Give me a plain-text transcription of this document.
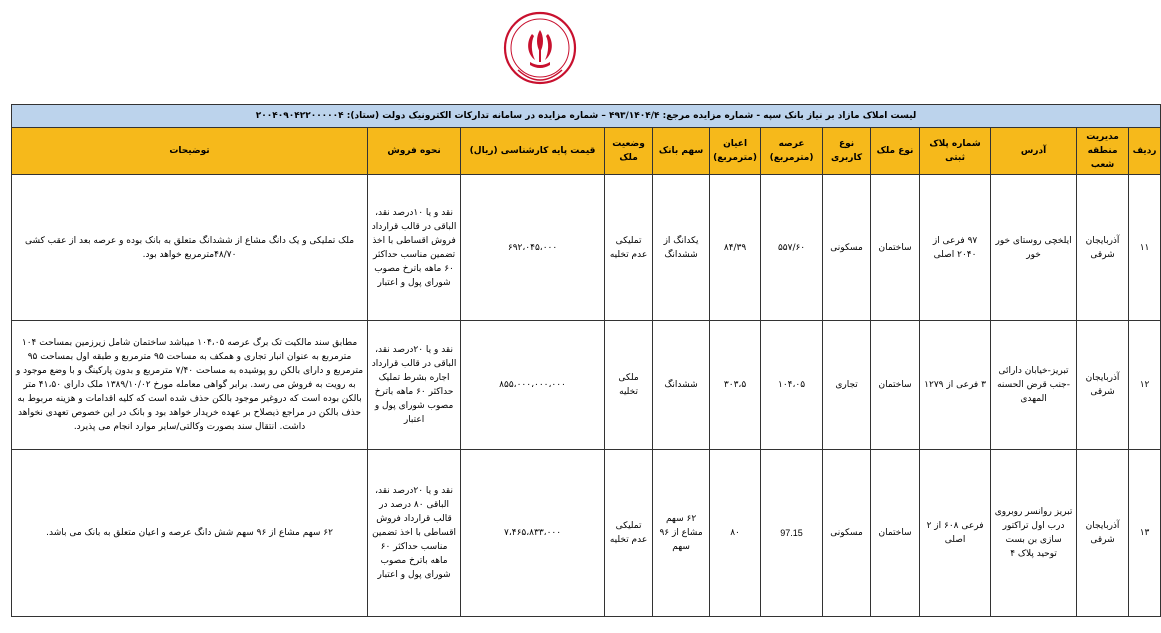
لیست املاک مازاد بر نیاز بانک سپه - شماره مزایده مرجع: ۴۹۳/۱۴۰۴/۴ – شماره مزایده در سامانه تدارکات الکترونیک دولت (ستاد): ۲۰۰۴۰۹۰۴۲۲۰۰۰۰۰۴												
ردیف	مدیریت منطقه شعب	آدرس	شماره پلاک ثبتی	نوع ملک	نوع کاربری	عرصه (مترمربع)	اعیان (مترمربع)	سهم بانک	وضعیت ملک	قیمت پایه کارشناسی (ریال)	نحوه فروش	توضیحات
۱۱	آذربایجان شرقی	ایلخچی روستای خور خور	۹۷ فرعی از ۲۰۴۰ اصلی	ساختمان	مسکونی	۵۵۷/۶۰	۸۴/۳۹	یکدانگ از ششدانگ	تملیکی عدم تخلیه	۶۹۲،۰۴۵،۰۰۰	نقد و یا ۱۰درصد نقد، الباقی در قالب قرارداد فروش اقساطی با اخذ تضمین مناسب حداکثر ۶۰ ماهه باترخ مصوب شورای پول و اعتبار	ملک تملیکی و یک دانگ مشاع از ششدانگ متعلق به بانک بوده و عرصه بعد از عقب کشی ۴۸/۷۰مترمربع خواهد بود.
۱۲	آذربایجان شرقی	تبریز-خیابان دارائی -جنب قرض الحسنه المهدی	۳ فرعی از ۱۲۷۹	ساختمان	تجاری	۱۰۴،۰۵	۳۰۳،۵	ششدانگ	ملکی تخلیه	۸۵۵،۰۰۰،۰۰۰،۰۰۰	نقد و یا ۲۰درصد نقد، الباقی در قالب قرارداد اجاره بشرط تملیک حداکثر ۶۰ ماهه باترخ مصوب شورای پول و اعتبار	مطابق سند مالکیت تک برگ عرصه ۱۰۴،۰۵ میباشد ساختمان شامل زیرزمین بمساحت ۱۰۴ مترمربع به عنوان انبار تجاری و همکف به مساحت ۹۵ مترمربع و طبقه اول بمساحت ۹۵ مترمربع و دارای بالکن رو پوشیده به مساحت ۷/۴۰ مترمربع و بدون پارکینگ و با وضع موجود و به رویت به فروش می رسد. برابر گواهی معامله مورخ ۱۳۸۹/۱۰/۰۲ ملک دارای ۴۱،۵۰ متر بالکن بوده است که دروغیر موجود بالکن حذف شده است که کلیه اقدامات و هزینه مربوط به حذف بالکن در مراجع ذیصلاح بر عهده خریدار خواهد بود و بانک در این خصوص تعهدی نخواهد داشت. انتقال سند بصورت وکالتی/سایر موارد انجام می پذیرد.
۱۳	آذربایجان شرقی	تبریز روانسر روبروی درب اول تراکتور سازی بن بست توحید پلاک ۴	فرعی ۶۰۸ از ۲ اصلی	ساختمان	مسکونی	97.15	۸۰	۶۲ سهم مشاع از ۹۶ سهم	تملیکی عدم تخلیه	۷،۴۶۵،۸۳۳،۰۰۰	نقد و یا ۲۰درصد نقد، الباقی ۸۰ درصد در قالب قرارداد فروش اقساطی با اخذ تضمین مناسب حداکثر ۶۰ ماهه باترخ مصوب شورای پول و اعتبار	۶۲ سهم مشاع از ۹۶ سهم شش دانگ عرصه و اعیان متعلق به بانک می باشد.
